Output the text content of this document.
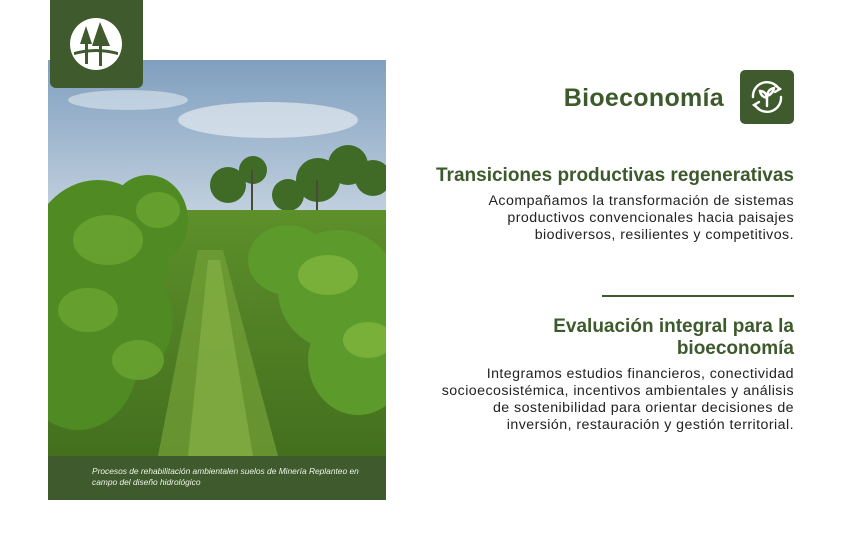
Procesos de rehabilitación ambientalen suelos de Minería Replanteo en campo del diseño hidrológico
Bioeconomía
Transiciones productivas regenerativas

Acompañamos la transformación de sistemas productivos convencionales hacia paisajes biodiversos, resilientes y competitivos.

Evaluación integral para la bioeconomía

Integramos estudios financieros, conectividad socioecosistémica, incentivos ambientales y análisis de sostenibilidad para orientar decisiones de inversión, restauración y gestión territorial.
